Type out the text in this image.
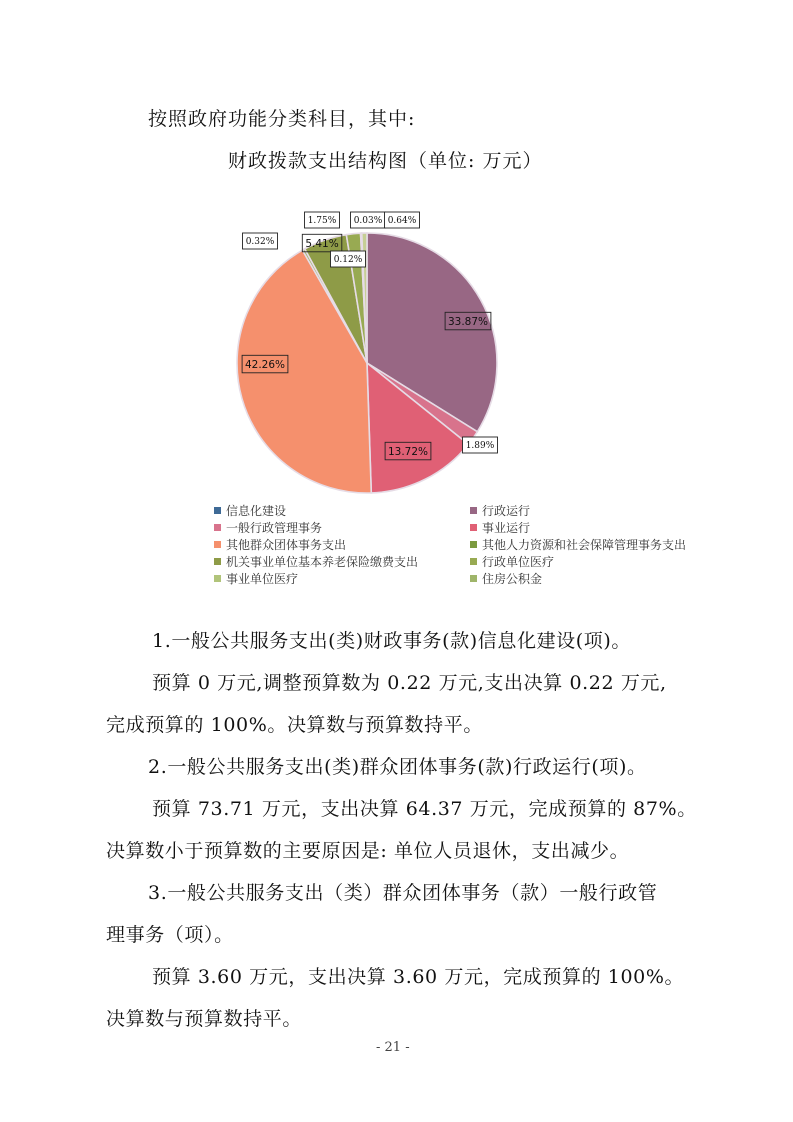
按照政府功能分类科目，其中:
财政拨款支出结构图（单位: 万元）
33.87%
1.89%
13.72%
42.26%
0.32%	5.41%
1.75%
0.12%
0.03% 0.64%
信息化建设	行政运行
一般行政管理事务	事业运行
其他群众团体事务支出	其他人力资源和社会保障管理事务支出
机关事业单位基本养老保险缴费支出	行政单位医疗
事业单位医疗	住房公积金
1.一般公共服务支出(类)财政事务(款)信息化建设(项)。
预算 0 万元,调整预算数为 0.22 万元,支出决算 0.22 万元,
完成预算的 100%。决算数与预算数持平。
2.一般公共服务支出(类)群众团体事务(款)行政运行(项)。
预算 73.71 万元，支出决算 64.37 万元，完成预算的 87%。
决算数小于预算数的主要原因是: 单位人员退休，支出减少。
3.一般公共服务支出（类）群众团体事务（款）一般行政管
理事务（项）。
预算 3.60 万元，支出决算 3.60 万元，完成预算的 100%。
决算数与预算数持平。
- 21 -
